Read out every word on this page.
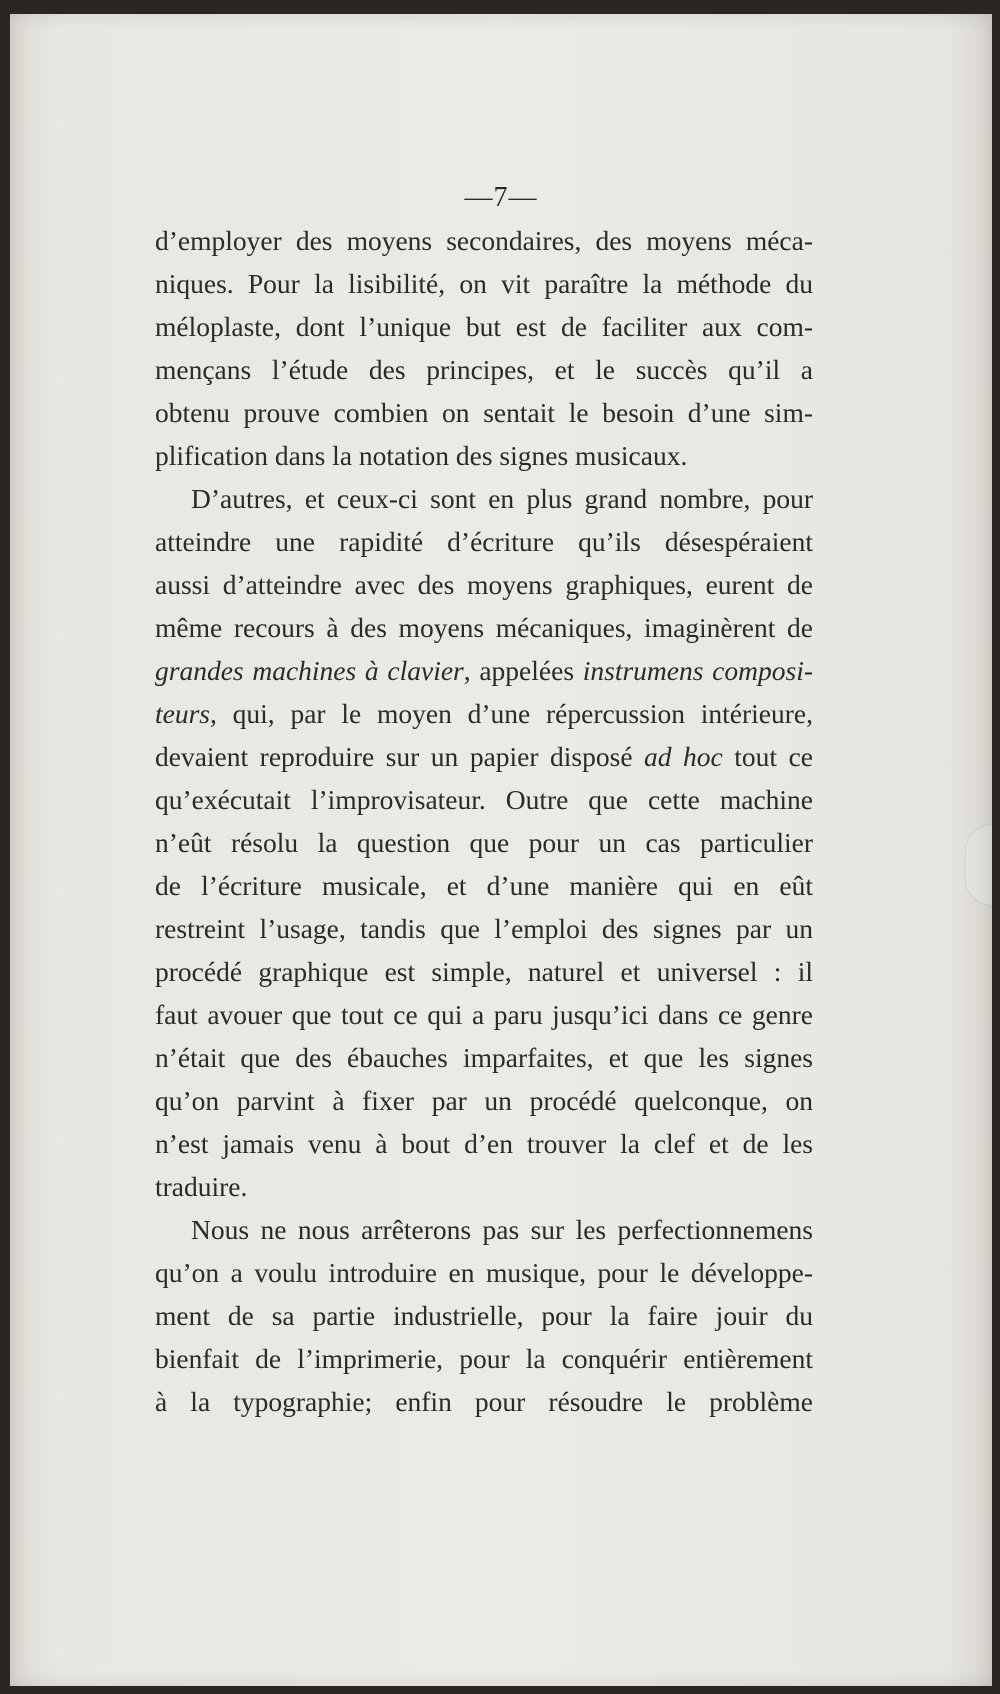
—7—
d’employer des moyens secondaires, des moyens méca-
niques. Pour la lisibilité, on vit paraître la méthode du
méloplaste, dont l’unique but est de faciliter aux com-
mençans l’étude des principes, et le succès qu’il a
obtenu prouve combien on sentait le besoin d’une sim-
plification dans la notation des signes musicaux.
D’autres, et ceux-ci sont en plus grand nombre, pour
atteindre une rapidité d’écriture qu’ils désespéraient
aussi d’atteindre avec des moyens graphiques, eurent de
même recours à des moyens mécaniques, imaginèrent de
grandes machines à clavier, appelées instrumens composi-
teurs, qui, par le moyen d’une répercussion intérieure,
devaient reproduire sur un papier disposé ad hoc tout ce
qu’exécutait l’improvisateur. Outre que cette machine
n’eût résolu la question que pour un cas particulier
de l’écriture musicale, et d’une manière qui en eût
restreint l’usage, tandis que l’emploi des signes par un
procédé graphique est simple, naturel et universel : il
faut avouer que tout ce qui a paru jusqu’ici dans ce genre
n’était que des ébauches imparfaites, et que les signes
qu’on parvint à fixer par un procédé quelconque, on
n’est jamais venu à bout d’en trouver la clef et de les
traduire.
Nous ne nous arrêterons pas sur les perfectionnemens
qu’on a voulu introduire en musique, pour le développe-
ment de sa partie industrielle, pour la faire jouir du
bienfait de l’imprimerie, pour la conquérir entièrement
à la typographie; enfin pour résoudre le problème
